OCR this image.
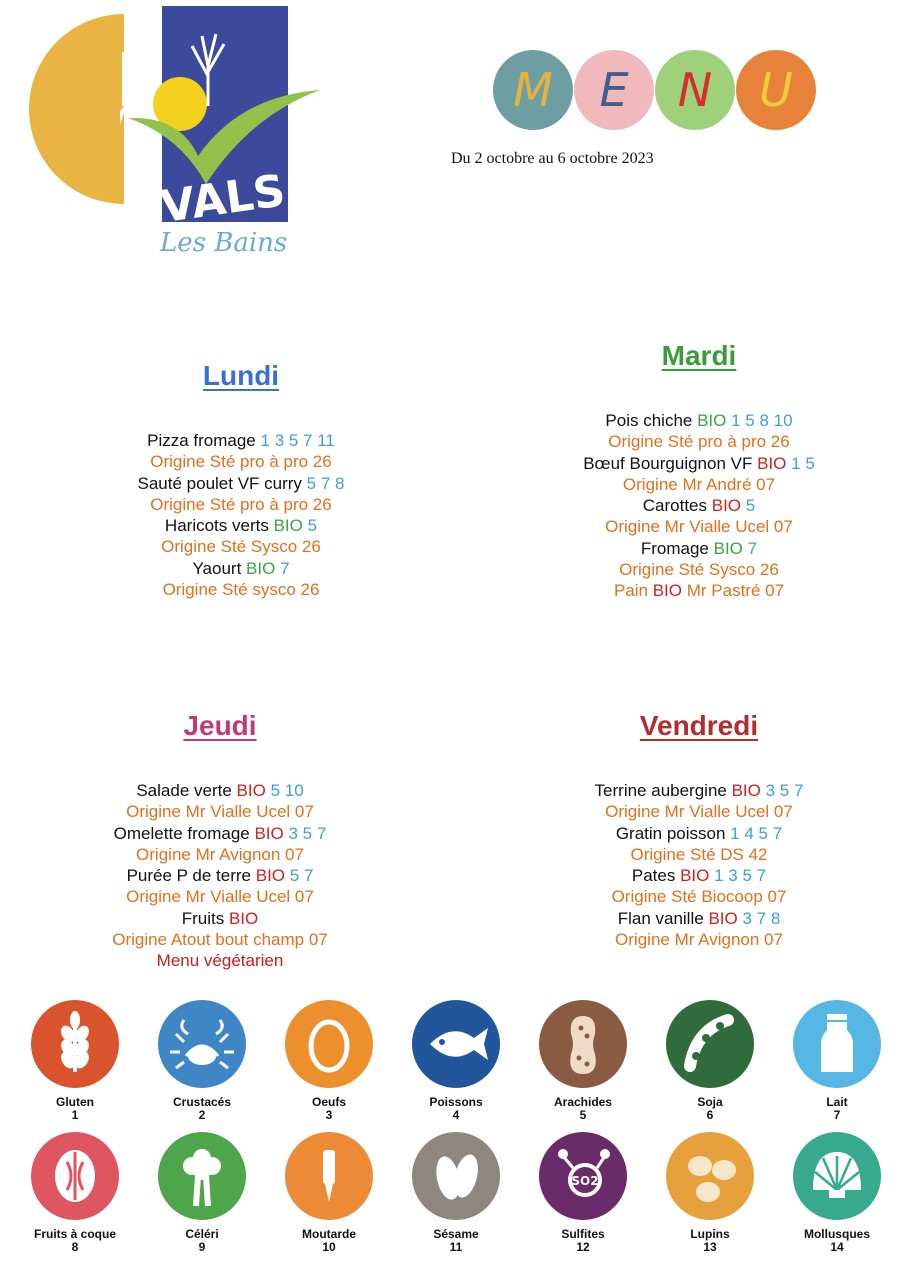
VALS
Les Bains
M E N U
Du 2 octobre au 6 octobre 2023
Lundi
Pizza fromage 1 3 5 7 11
Origine Sté pro à pro 26
Sauté poulet VF curry 5 7 8
Origine Sté pro à pro 26
Haricots verts BIO 5
Origine Sté Sysco 26
Yaourt BIO 7
Origine Sté sysco 26
Mardi
Pois chiche BIO 1 5 8 10
Origine Sté pro à pro 26
Bœuf Bourguignon VF BIO 1 5
Origine Mr André 07
Carottes BIO 5
Origine Mr Vialle Ucel 07
Fromage BIO 7
Origine Sté Sysco 26
Pain BIO Mr Pastré 07
Jeudi
Salade verte BIO 5 10
Origine Mr Vialle Ucel 07
Omelette fromage BIO 3 5 7
Origine Mr Avignon 07
Purée P de terre BIO 5 7
Origine Mr Vialle Ucel 07
Fruits BIO
Origine Atout bout champ 07
Menu végétarien
Vendredi
Terrine aubergine BIO 3 5 7
Origine Mr Vialle Ucel 07
Gratin poisson 1 4 5 7
Origine Sté DS 42
Pates BIO 1 3 5 7
Origine Sté Biocoop 07
Flan vanille BIO 3 7 8
Origine Mr Avignon 07
Gluten
1
Crustacés
2
Oeufs
3
Poissons
4
Arachides
5
Soja
6
Lait
7
Fruits à coque
8
Céléri
9
Moutarde
10
Sésame
11
SO2
Sulfites
12
Lupins
13
Mollusques
14
